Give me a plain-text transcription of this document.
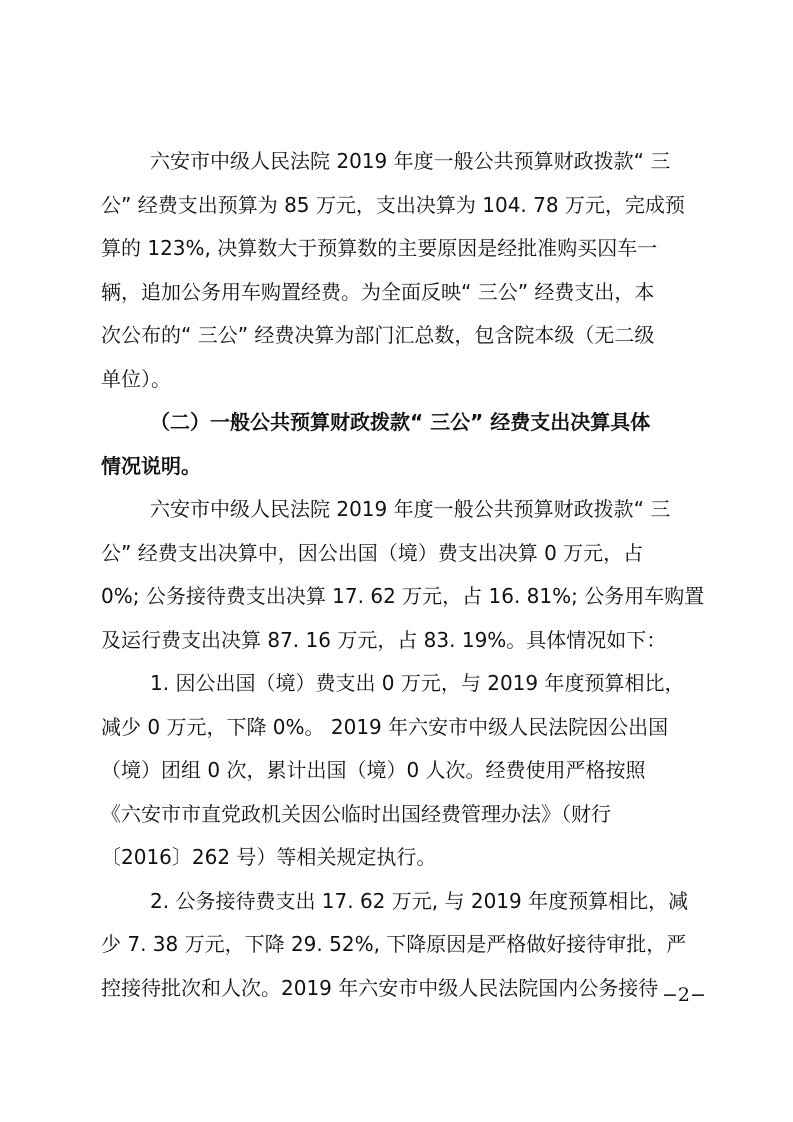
六安市中级人民法院 2019 年度一般公共预算财政拨款“ 三
公” 经费支出预算为 85 万元，支出决算为 104. 78 万元，完成预
算的 123%, 决算数大于预算数的主要原因是经批准购买囚车一
辆，追加公务用车购置经费。为全面反映“ 三公” 经费支出，本
次公布的“ 三公” 经费决算为部门汇总数，包含院本级（无二级
单位）。
（二）一般公共预算财政拨款“ 三公” 经费支出决算具体
情况说明。
六安市中级人民法院 2019 年度一般公共预算财政拨款“ 三
公” 经费支出决算中，因公出国（境）费支出决算 0 万元，占
0%; 公务接待费支出决算 17. 62 万元，占 16. 81%; 公务用车购置
及运行费支出决算 87. 16 万元，占 83. 19%。具体情况如下：
1. 因公出国（境）费支出 0 万元，与 2019 年度预算相比，
减少 0 万元，下降 0%。 2019 年六安市中级人民法院因公出国
（境）团组 0 次，累计出国（境）0 人次。经费使用严格按照
《六安市市直党政机关因公临时出国经费管理办法》（财行
〔2016〕262 号）等相关规定执行。
2. 公务接待费支出 17. 62 万元, 与 2019 年度预算相比，减
少 7. 38 万元，下降 29. 52%, 下降原因是严格做好接待审批，严
控接待批次和人次。2019 年六安市中级人民法院国内公务接待 −2−
